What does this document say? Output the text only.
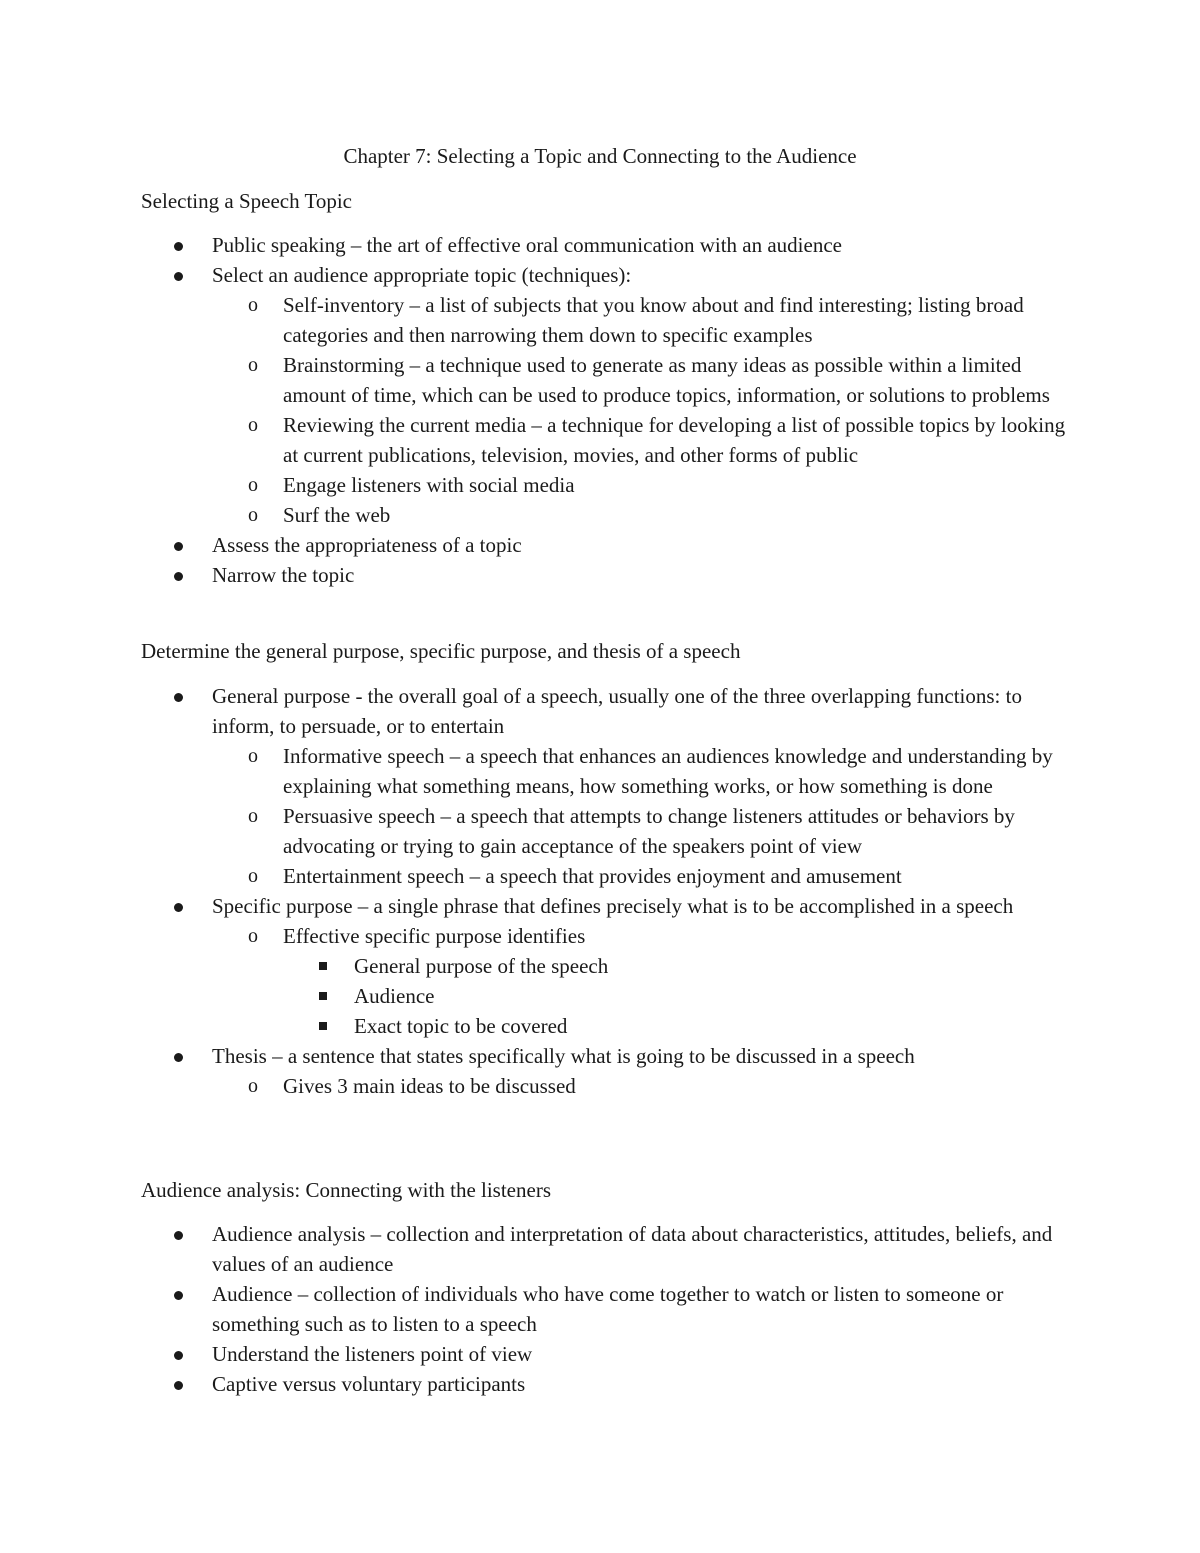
Chapter 7: Selecting a Topic and Connecting to the Audience

Selecting a Speech Topic

Public speaking – the art of effective oral communication with an audience
Select an audience appropriate topic (techniques):
o Self-inventory – a list of subjects that you know about and find interesting; listing broad categories and then narrowing them down to specific examples
o Brainstorming – a technique used to generate as many ideas as possible within a limited amount of time, which can be used to produce topics, information, or solutions to problems
o Reviewing the current media – a technique for developing a list of possible topics by looking at current publications, television, movies, and other forms of public
o Engage listeners with social media
o Surf the web
Assess the appropriateness of a topic
Narrow the topic

Determine the general purpose, specific purpose, and thesis of a speech

General purpose - the overall goal of a speech, usually one of the three overlapping functions: to inform, to persuade, or to entertain
o Informative speech – a speech that enhances an audiences knowledge and understanding by explaining what something means, how something works, or how something is done
o Persuasive speech – a speech that attempts to change listeners attitudes or behaviors by advocating or trying to gain acceptance of the speakers point of view
o Entertainment speech – a speech that provides enjoyment and amusement
Specific purpose – a single phrase that defines precisely what is to be accomplished in a speech
o Effective specific purpose identifies
General purpose of the speech
Audience
Exact topic to be covered
Thesis – a sentence that states specifically what is going to be discussed in a speech
o Gives 3 main ideas to be discussed

Audience analysis: Connecting with the listeners

Audience analysis – collection and interpretation of data about characteristics, attitudes, beliefs, and values of an audience
Audience – collection of individuals who have come together to watch or listen to someone or something such as to listen to a speech
Understand the listeners point of view
Captive versus voluntary participants
